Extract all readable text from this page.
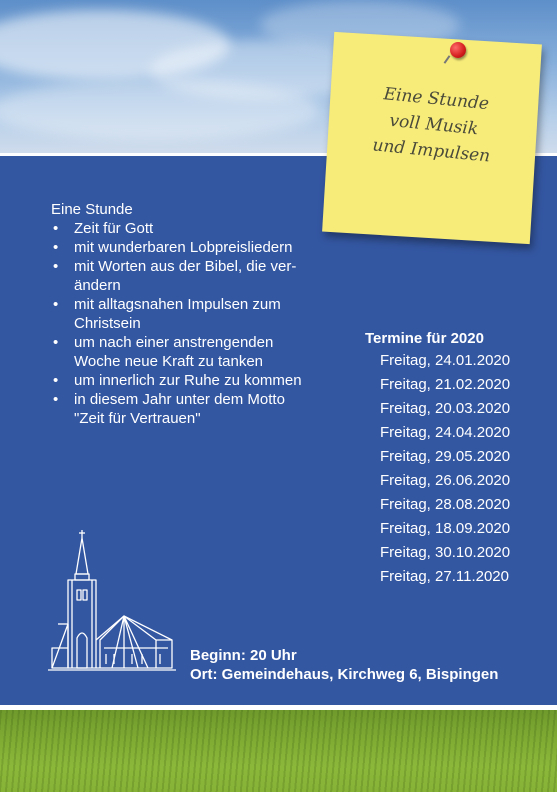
Eine Stunde
voll Musik
und Impulsen
Eine Stunde
• Zeit für Gott
• mit wunderbaren Lobpreisliedern
• mit Worten aus der Bibel, die ver-
ändern
• mit alltagsnahen Impulsen zum
Christsein
• um nach einer anstrengenden
Woche neue Kraft zu tanken
• um innerlich zur Ruhe zu kommen
• in diesem Jahr unter dem Motto
"Zeit für Vertrauen"
Termine für 2020
Freitag, 24.01.2020
Freitag, 21.02.2020
Freitag, 20.03.2020
Freitag, 24.04.2020
Freitag, 29.05.2020
Freitag, 26.06.2020
Freitag, 28.08.2020
Freitag, 18.09.2020
Freitag, 30.10.2020
Freitag, 27.11.2020
Beginn: 20 Uhr
Ort: Gemeindehaus, Kirchweg 6, Bispingen
